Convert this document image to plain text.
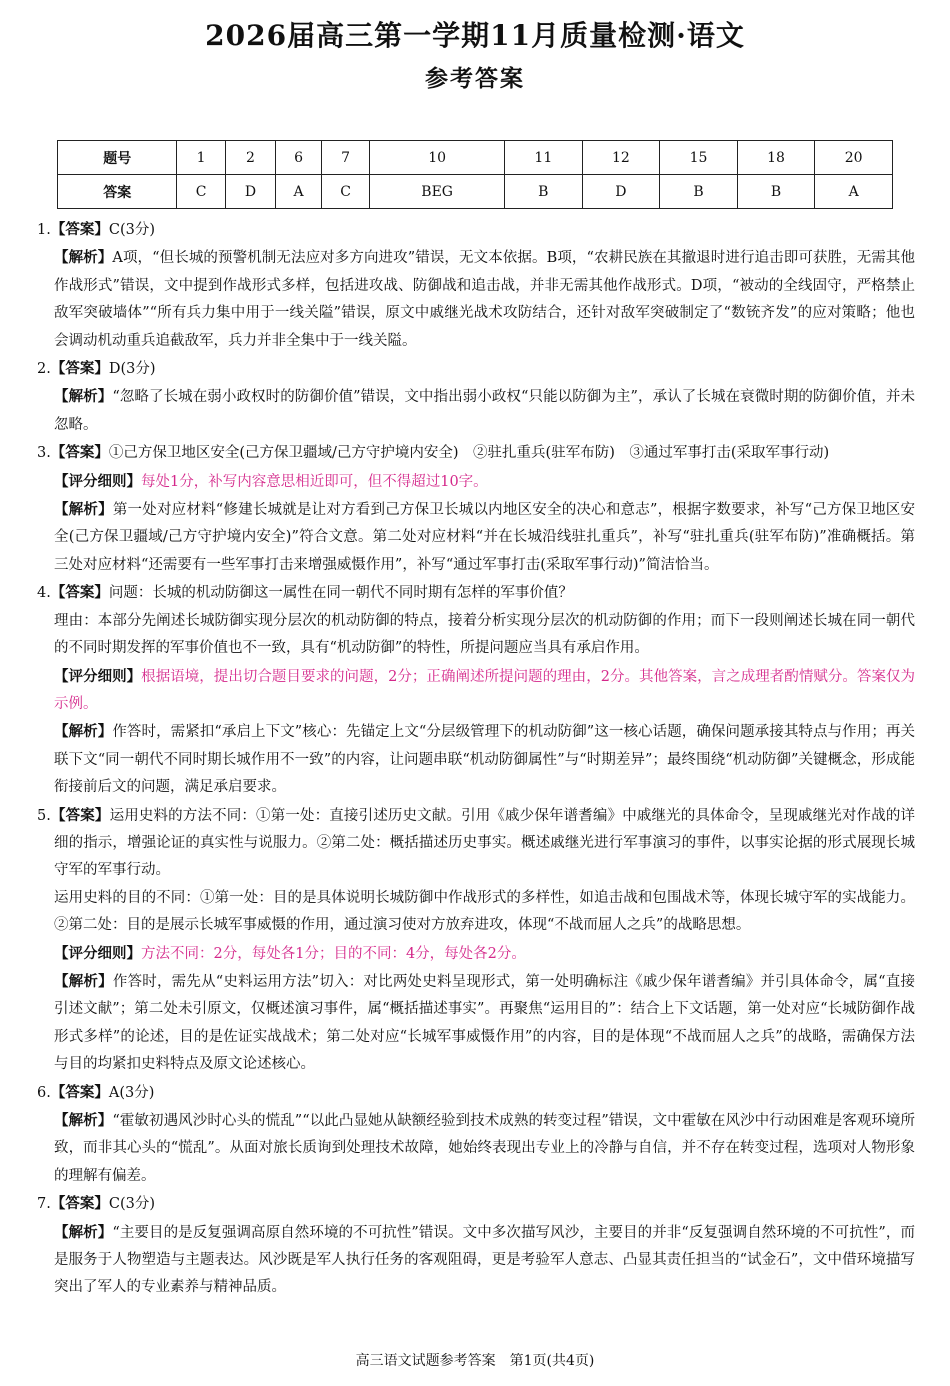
2026届高三第一学期11月质量检测·语文
参考答案
题号	1	2	6	7	10	11	12	15	18	20
答案	C	D	A	C	BEG	B	D	B	B	A

1.【答案】C(3分)

【解析】A项，“但长城的预警机制无法应对多方向进攻”错误，无文本依据。B项，“农耕民族在其撤退时进行追击即可获胜，无需其他作战形式”错误，文中提到作战形式多样，包括进攻战、防御战和追击战，并非无需其他作战形式。D项，“被动的全线固守，严格禁止敌军突破墙体”“所有兵力集中用于一线关隘”错误，原文中戚继光战术攻防结合，还针对敌军突破制定了“数铳齐发”的应对策略；他也会调动机动重兵追截敌军，兵力并非全集中于一线关隘。

2.【答案】D(3分)

【解析】“忽略了长城在弱小政权时的防御价值”错误，文中指出弱小政权“只能以防御为主”，承认了长城在衰微时期的防御价值，并未忽略。

3.【答案】①己方保卫地区安全(己方保卫疆域/己方守护境内安全)　②驻扎重兵(驻军布防)　③通过军事打击(采取军事行动)

【评分细则】每处1分，补写内容意思相近即可，但不得超过10字。

【解析】第一处对应材料“修建长城就是让对方看到己方保卫长城以内地区安全的决心和意志”，根据字数要求，补写“己方保卫地区安全(己方保卫疆域/己方守护境内安全)”符合文意。第二处对应材料“并在长城沿线驻扎重兵”，补写“驻扎重兵(驻军布防)”准确概括。第三处对应材料“还需要有一些军事打击来增强威慑作用”，补写“通过军事打击(采取军事行动)”简洁恰当。

4.【答案】问题：长城的机动防御这一属性在同一朝代不同时期有怎样的军事价值？

理由：本部分先阐述长城防御实现分层次的机动防御的特点，接着分析实现分层次的机动防御的作用；而下一段则阐述长城在同一朝代的不同时期发挥的军事价值也不一致，具有“机动防御”的特性，所提问题应当具有承启作用。

【评分细则】根据语境，提出切合题目要求的问题，2分；正确阐述所提问题的理由，2分。其他答案，言之成理者酌情赋分。答案仅为示例。

【解析】作答时，需紧扣“承启上下文”核心：先锚定上文“分层级管理下的机动防御”这一核心话题，确保问题承接其特点与作用；再关联下文“同一朝代不同时期长城作用不一致”的内容，让问题串联“机动防御属性”与“时期差异”；最终围绕“机动防御”关键概念，形成能衔接前后文的问题，满足承启要求。

5.【答案】运用史料的方法不同：①第一处：直接引述历史文献。引用《戚少保年谱耆编》中戚继光的具体命令，呈现戚继光对作战的详细的指示，增强论证的真实性与说服力。②第二处：概括描述历史事实。概述戚继光进行军事演习的事件，以事实论据的形式展现长城守军的军事行动。

运用史料的目的不同：①第一处：目的是具体说明长城防御中作战形式的多样性，如追击战和包围战术等，体现长城守军的实战能力。②第二处：目的是展示长城军事威慑的作用，通过演习使对方放弃进攻，体现“不战而屈人之兵”的战略思想。

【评分细则】方法不同：2分，每处各1分；目的不同：4分，每处各2分。

【解析】作答时，需先从“史料运用方法”切入：对比两处史料呈现形式，第一处明确标注《戚少保年谱耆编》并引具体命令，属“直接引述文献”；第二处未引原文，仅概述演习事件，属“概括描述事实”。再聚焦“运用目的”：结合上下文话题，第一处对应“长城防御作战形式多样”的论述，目的是佐证实战战术；第二处对应“长城军事威慑作用”的内容，目的是体现“不战而屈人之兵”的战略，需确保方法与目的均紧扣史料特点及原文论述核心。

6.【答案】A(3分)

【解析】“霍敏初遇风沙时心头的慌乱”“以此凸显她从缺额经验到技术成熟的转变过程”错误，文中霍敏在风沙中行动困难是客观环境所致，而非其心头的“慌乱”。从面对旅长质询到处理技术故障，她始终表现出专业上的冷静与自信，并不存在转变过程，选项对人物形象的理解有偏差。

7.【答案】C(3分)

【解析】“主要目的是反复强调高原自然环境的不可抗性”错误。文中多次描写风沙，主要目的并非“反复强调自然环境的不可抗性”，而是服务于人物塑造与主题表达。风沙既是军人执行任务的客观阻碍，更是考验军人意志、凸显其责任担当的“试金石”，文中借环境描写突出了军人的专业素养与精神品质。

高三语文试题参考答案　第1页(共4页)
